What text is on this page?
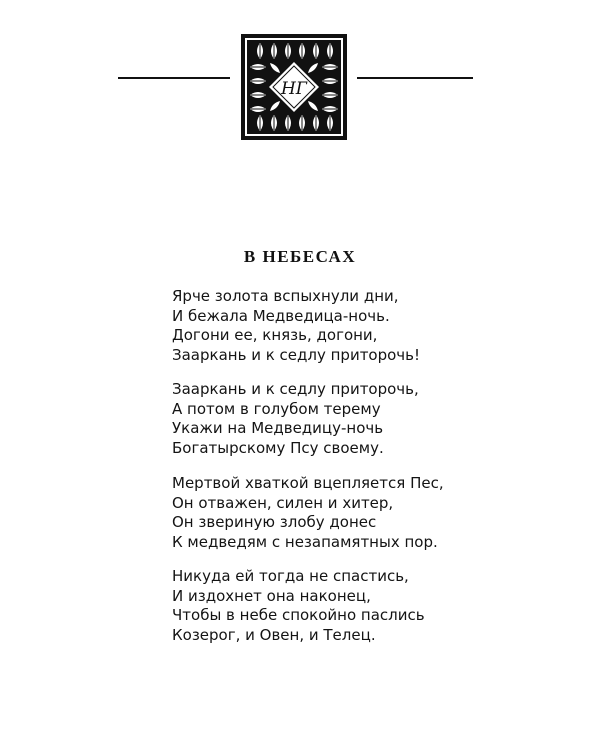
НГ
В НЕБЕСАХ
Ярче золота вспыхнули дни,
И бежала Медведица-ночь.
Догони ее, князь, догони,
Зааркань и к седлу приторочь!
Зааркань и к седлу приторочь,
А потом в голубом терему
Укажи на Медведицу-ночь
Богатырскому Псу своему.
Мертвой хваткой вцепляется Пес,
Он отважен, силен и хитер,
Он звериную злобу донес
К медведям с незапамятных пор.
Никуда ей тогда не спастись,
И издохнет она наконец,
Чтобы в небе спокойно паслись
Козерог, и Овен, и Телец.
